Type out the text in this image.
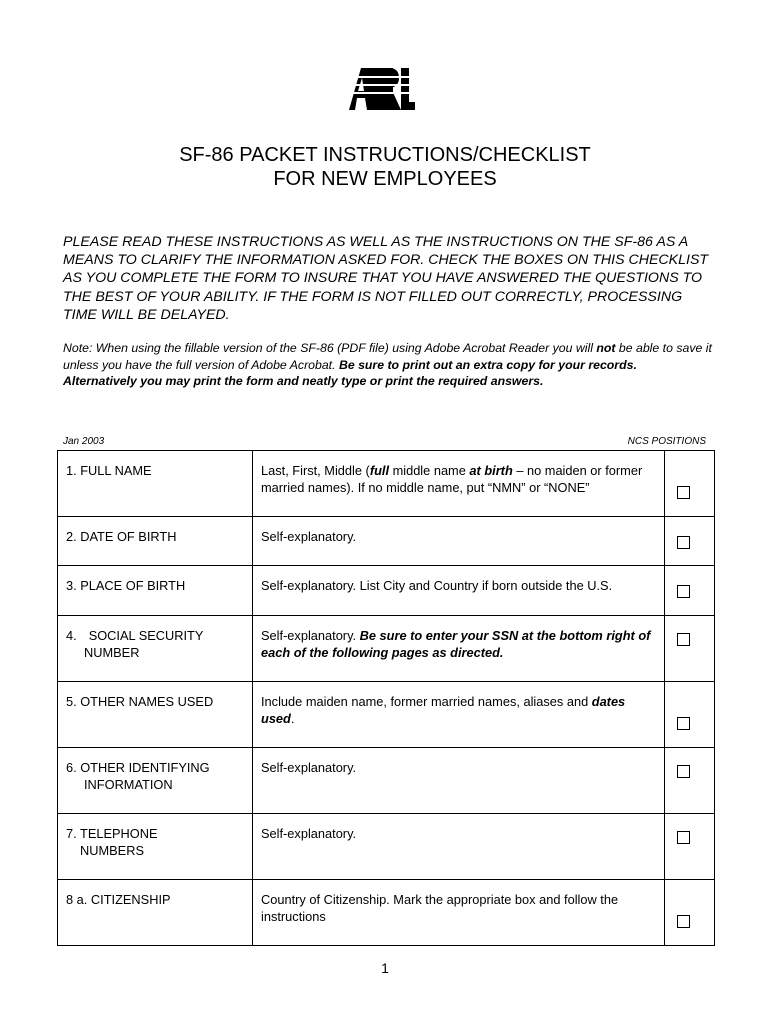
SF-86 PACKET INSTRUCTIONS/CHECKLIST
FOR NEW EMPLOYEES
PLEASE READ THESE INSTRUCTIONS AS WELL AS THE INSTRUCTIONS ON THE SF-86 AS A MEANS TO CLARIFY THE INFORMATION ASKED FOR. CHECK THE BOXES ON THIS CHECKLIST AS YOU COMPLETE THE FORM TO INSURE THAT YOU HAVE ANSWERED THE QUESTIONS TO THE BEST OF YOUR ABILITY. IF THE FORM IS NOT FILLED OUT CORRECTLY, PROCESSING TIME WILL BE DELAYED.
Note: When using the fillable version of the SF-86 (PDF file) using Adobe Acrobat Reader you will not be able to save it unless you have the full version of Adobe Acrobat. Be sure to print out an extra copy for your records. Alternatively you may print the form and neatly type or print the required answers.
Jan 2003	NCS POSITIONS
1. FULL NAME	Last, First, Middle (full middle name at birth – no maiden or former married names). If no middle name, put “NMN” or “NONE”	

2. DATE OF BIRTH	Self-explanatory.	

3. PLACE OF BIRTH	Self-explanatory. List City and Country if born outside the U.S.	

4. SOCIAL SECURITY
NUMBER	Self-explanatory. Be sure to enter your SSN at the bottom right of each of the following pages as directed.	

5. OTHER NAMES USED	Include maiden name, former married names, aliases and dates used.	

6. OTHER IDENTIFYING
INFORMATION	Self-explanatory.	

7. TELEPHONE
NUMBERS	Self-explanatory.	

8 a. CITIZENSHIP	Country of Citizenship. Mark the appropriate box and follow the instructions	
1
